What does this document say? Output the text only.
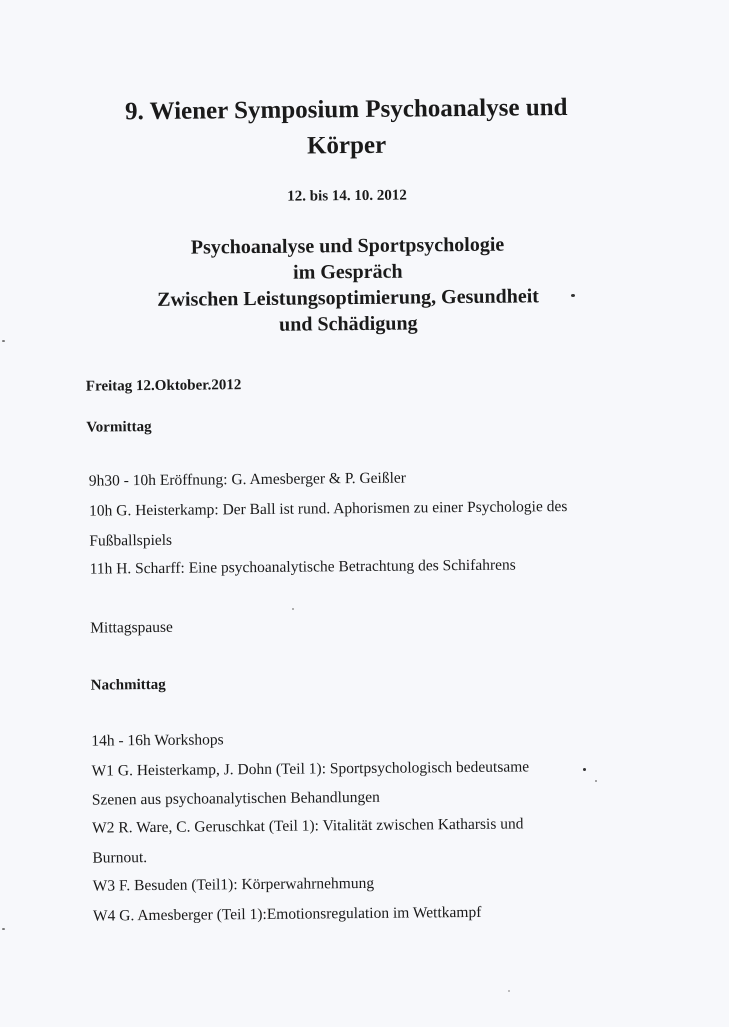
9. Wiener Symposium Psychoanalyse und
Körper
12. bis 14. 10. 2012
Psychoanalyse und Sportpsychologie
im Gespräch
Zwischen Leistungsoptimierung, Gesundheit
und Schädigung
Freitag 12.Oktober.2012
Vormittag
9h30 - 10h Eröffnung: G. Amesberger & P. Geißler
10h G. Heisterkamp: Der Ball ist rund. Aphorismen zu einer Psychologie des
Fußballspiels
11h H. Scharff: Eine psychoanalytische Betrachtung des Schifahrens
Mittagspause
Nachmittag
14h - 16h Workshops
W1 G. Heisterkamp, J. Dohn (Teil 1): Sportpsychologisch bedeutsame
Szenen aus psychoanalytischen Behandlungen
W2 R. Ware, C. Geruschkat (Teil 1): Vitalität zwischen Katharsis und
Burnout.
W3 F. Besuden (Teil1): Körperwahrnehmung
W4 G. Amesberger (Teil 1):Emotionsregulation im Wettkampf
